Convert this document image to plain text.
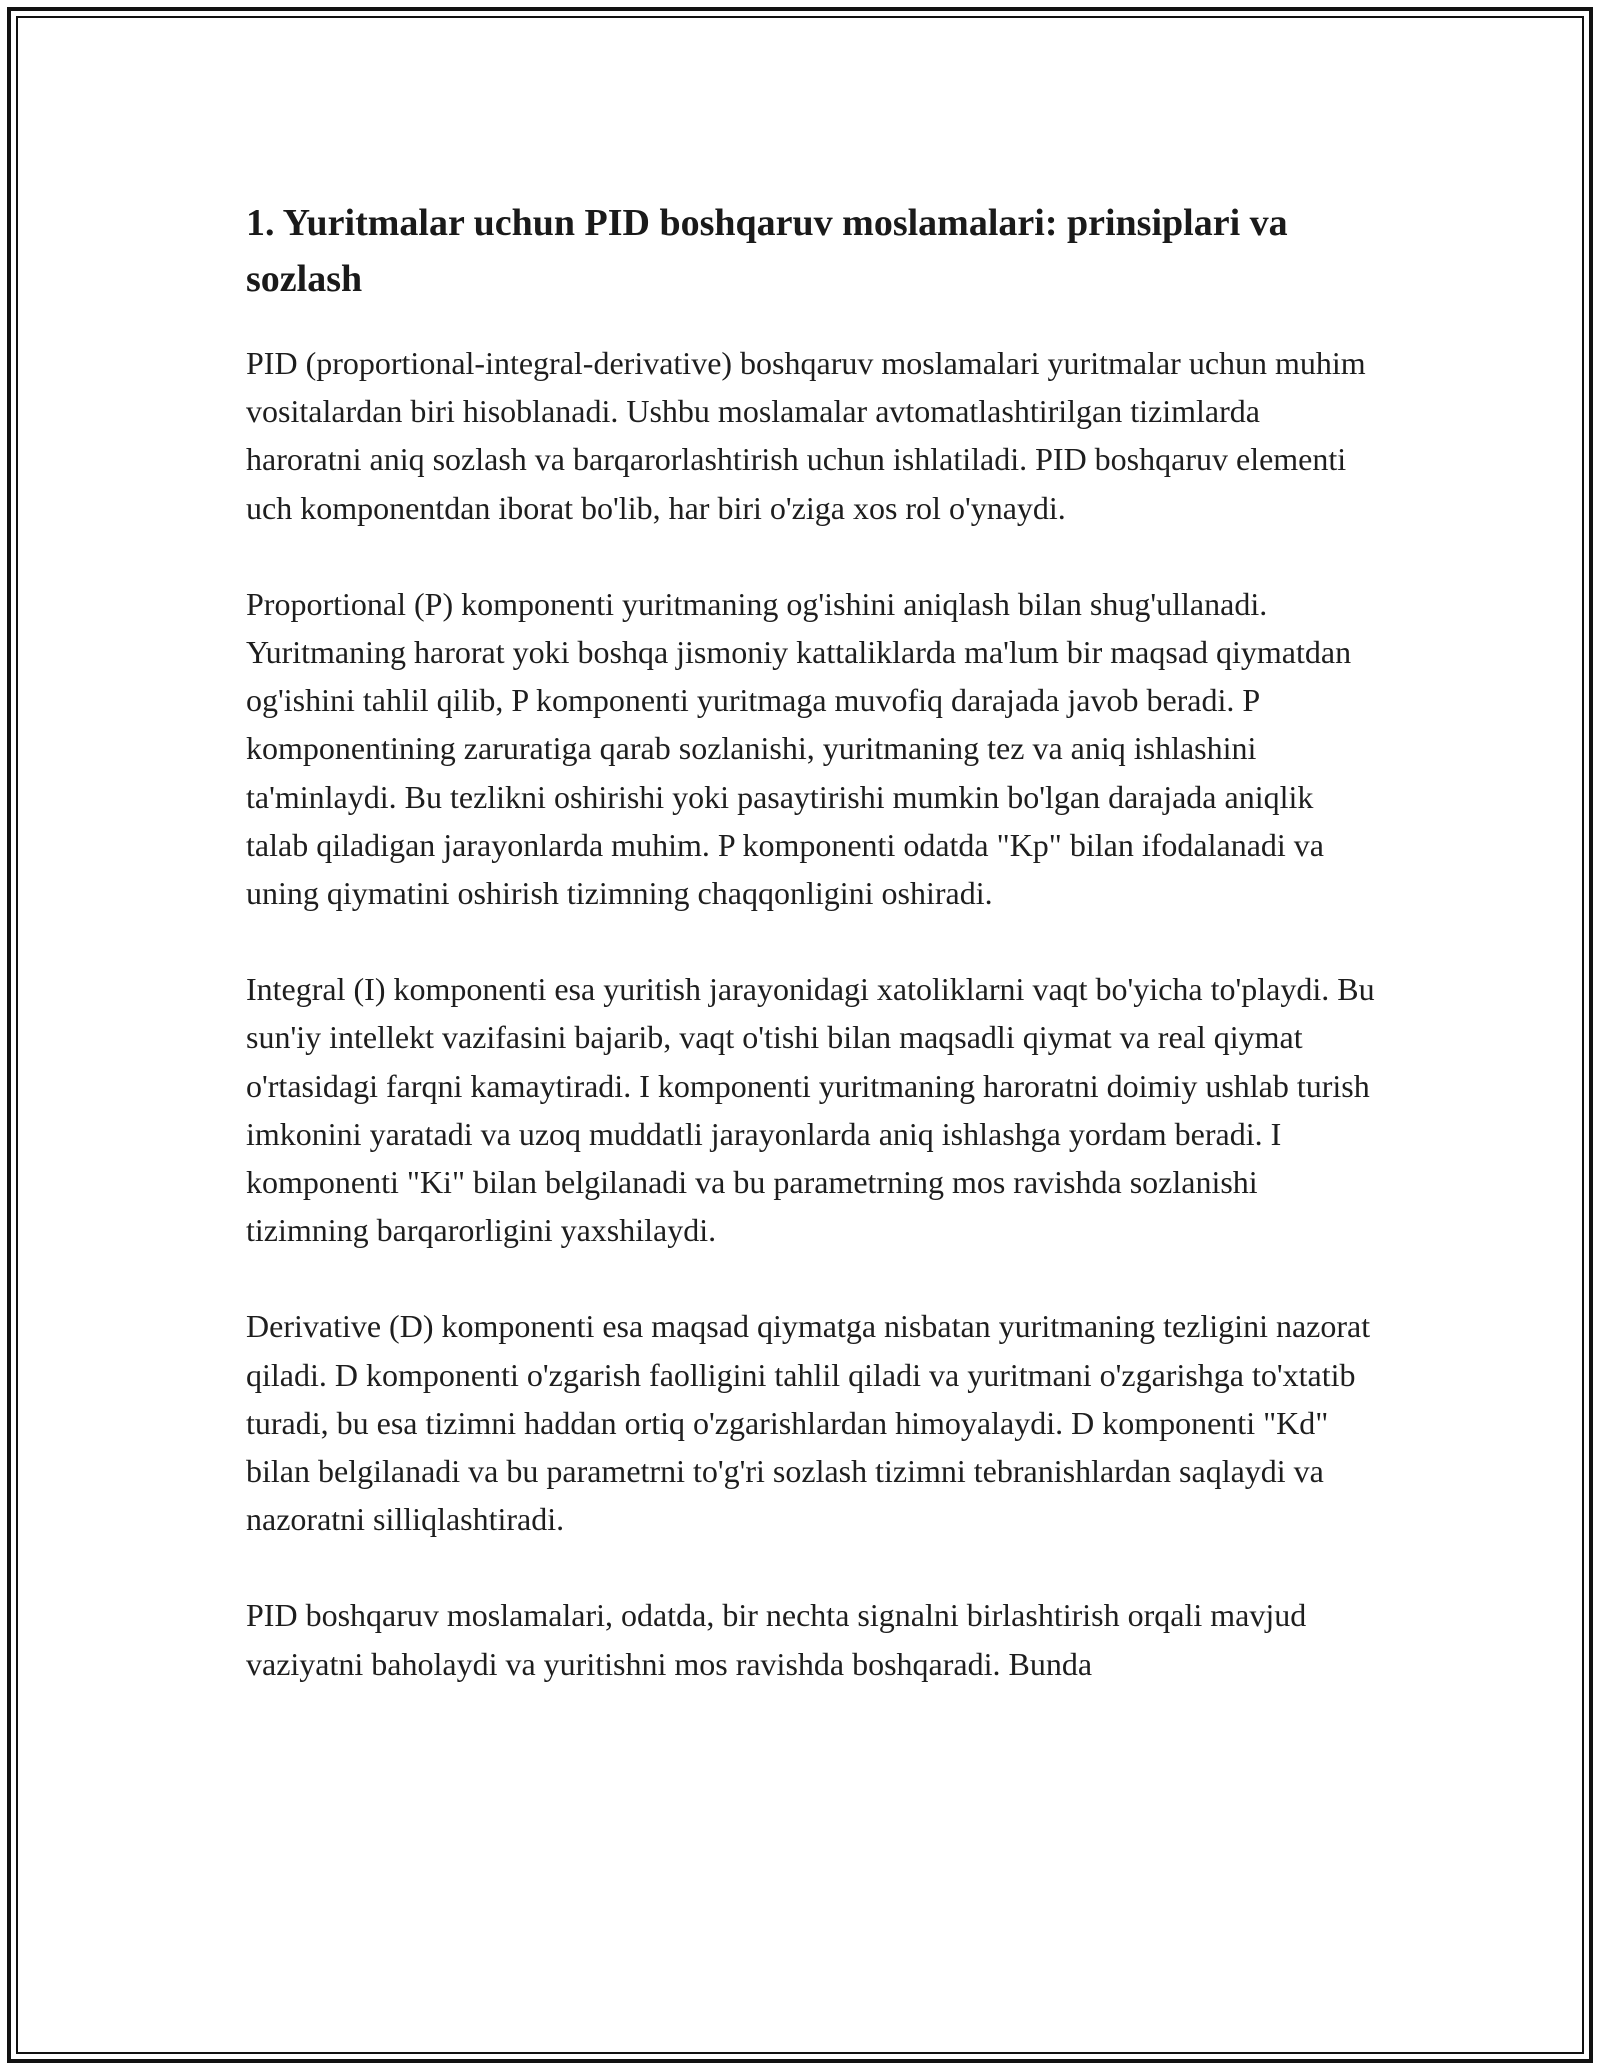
1. Yuritmalar uchun PID boshqaruv moslamalari: prinsiplari va sozlash

PID (proportional-integral-derivative) boshqaruv moslamalari yuritmalar uchun muhim vositalardan biri hisoblanadi. Ushbu moslamalar avtomatlashtirilgan tizimlarda haroratni aniq sozlash va barqarorlashtirish uchun ishlatiladi. PID boshqaruv elementi uch komponentdan iborat bo'lib, har biri o'ziga xos rol o'ynaydi.

Proportional (P) komponenti yuritmaning og'ishini aniqlash bilan shug'ullanadi. Yuritmaning harorat yoki boshqa jismoniy kattaliklarda ma'lum bir maqsad qiymatdan og'ishini tahlil qilib, P komponenti yuritmaga muvofiq darajada javob beradi. P komponentining zaruratiga qarab sozlanishi, yuritmaning tez va aniq ishlashini ta'minlaydi. Bu tezlikni oshirishi yoki pasaytirishi mumkin bo'lgan darajada aniqlik talab qiladigan jarayonlarda muhim. P komponenti odatda "Kp" bilan ifodalanadi va uning qiymatini oshirish tizimning chaqqonligini oshiradi.

Integral (I) komponenti esa yuritish jarayonidagi xatoliklarni vaqt bo'yicha to'playdi. Bu sun'iy intellekt vazifasini bajarib, vaqt o'tishi bilan maqsadli qiymat va real qiymat o'rtasidagi farqni kamaytiradi. I komponenti yuritmaning haroratni doimiy ushlab turish imkonini yaratadi va uzoq muddatli jarayonlarda aniq ishlashga yordam beradi. I komponenti "Ki" bilan belgilanadi va bu parametrning mos ravishda sozlanishi tizimning barqarorligini yaxshilaydi.

Derivative (D) komponenti esa maqsad qiymatga nisbatan yuritmaning tezligini nazorat qiladi. D komponenti o'zgarish faolligini tahlil qiladi va yuritmani o'zgarishga to'xtatib turadi, bu esa tizimni haddan ortiq o'zgarishlardan himoyalaydi. D komponenti "Kd" bilan belgilanadi va bu parametrni to'g'ri sozlash tizimni tebranishlardan saqlaydi va nazoratni silliqlashtiradi.

PID boshqaruv moslamalari, odatda, bir nechta signalni birlashtirish orqali mavjud vaziyatni baholaydi va yuritishni mos ravishda boshqaradi. Bunda
